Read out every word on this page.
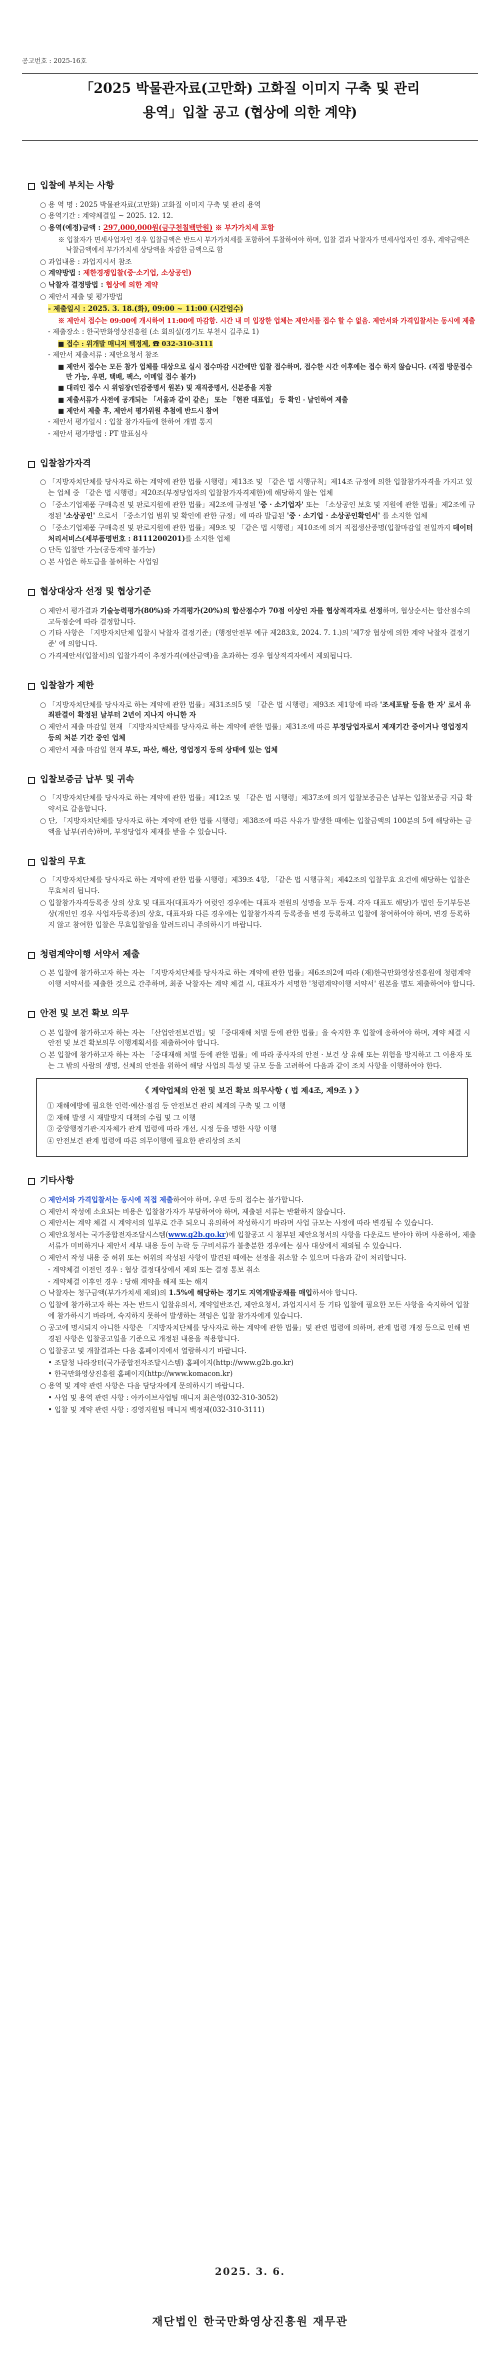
공고번호 : 2025-16호
「2025 박물관자료(고만화) 고화질 이미지 구축 및 관리
용역」입찰 공고 (협상에 의한 계약)
입찰에 부치는 사항
○ 용 역 명 : 2025 박물관자료(고만화) 고화질 이미지 구축 및 관리 용역
○ 용역기간 : 계약체결일 ~ 2025. 12. 12.
○ 용역(예정)금액 : 297,000,000원(금구천칠백만원) ※ 부가가치세 포함
※ 입찰자가 면세사업자인 경우 입찰금액은 반드시 부가가치세를 포함하여 투찰하여야 하며, 입찰 결과 낙찰자가 면세사업자인 경우, 계약금액은 낙찰금액에서 부가가치세 상당액을 차감한 금액으로 함
○ 과업내용 : 과업지시서 참조
○ 계약방법 : 제한경쟁입찰(중·소기업, 소상공인)
○ 낙찰자 결정방법 : 협상에 의한 계약
○ 제안서 제출 및 평가방법
- 제출일시 : 2025. 3. 18.(화), 09:00 ~ 11:00 (시간엄수)
※ 제안서 접수는 09:00에 개시하여 11:00에 마감함. 시간 내 미 입장한 업체는 제안서를 접수 할 수 없음. 제안서와 가격입찰서는 동시에 제출
- 제출장소 : 한국만화영상진흥원 (소 회의실(경기도 부천시 길주로 1)
■ 접수 : 위개발 매니저 백정제, ☎ 032-310-3111
- 제안서 제출서류 : 제안요청서 참조
■ 제안서 접수는 모든 참가 업체를 대상으로 실시 접수마감 시간에만 입찰 접수하며, 접수한 시간 이후에는 접수 하지 않습니다. (직접 방문접수만 가능, 우편, 택배, 팩스, 이메일 접수 불가)
■ 대리인 접수 시 위임장(인감증명서 원본) 및 재직증명서, 신분증을 지참
■ 제출서류가 사전에 공개되는 「서울과 같이 같은」 또는 「현관 대표업」 등 확인 · 날인하여 제출
■ 제안서 제출 후, 제안서 평가위원 추첨에 반드시 참여
- 제안서 평가일시 : 입찰 참가자들에 한하여 개별 통지
- 제안서 평가방법 : PT 발표심사
입찰참가자격
○ 「지방자치단체를 당사자로 하는 계약에 관한 법률 시행령」제13조 및 「같은 법 시행규칙」제14조 규정에 의한 입찰참가자격을 가지고 있는 업체 중 「같은 법 시행령」제20조(부정당업자의 입찰참가자격제한)에 해당하지 않는 업체
○ 「중소기업제품 구매촉진 및 판로지원에 관한 법률」제2조에 규정된 '중 · 소기업자' 또는 「소상공인 보호 및 지원에 관한 법률」제2조에 규정된 '소상공인' 으로서 「중소기업 범위 및 확인에 관한 규정」에 따라 발급된 '중 · 소기업 · 소상공인확인서' 를 소지한 업체
○ 「중소기업제품 구매촉진 및 판로지원에 관한 법률」제9조 및 「같은 법 시행령」제10조에 의거 직접생산증명(입찰마감일 전일까지 데이터처리서비스(세부품명번호 : 8111200201)를 소지한 업체
○ 단독 입찰만 가능(공동계약 불가능)
○ 본 사업은 하도급을 불허하는 사업임
협상대상자 선정 및 협상기준
○ 제안서 평가결과 기술능력평가(80%)와 가격평가(20%)의 합산점수가 70점 이상인 자를 협상적격자로 선정하며, 협상순서는 합산점수의 고득점순에 따라 결정합니다.
○ 기타 사항은 「지방자치단체 입찰시 낙찰자 결정기준」(행정안전부 예규 제283호, 2024. 7. 1.)의 '제7장 협상에 의한 계약 낙찰자 결정기준' 에 의합니다.
○ 가격제안서(입찰서)의 입찰가격이 추정가격(예산금액)을 초과하는 경우 협상적격자에서 제외됩니다.
입찰참가 제한
○ 「지방자치단체를 당사자로 하는 계약에 관한 법률」제31조의5 및 「같은 법 시행령」제93조 제1항에 따라 '조세포탈 등을 한 자' 로서 유죄판결이 확정된 날부터 2년이 지나지 아니한 자
○ 제안서 제출 마감일 현재 「지방자치단체를 당사자로 하는 계약에 관한 법률」제31조에 따른 부정당업자로서 제재기간 중이거나 영업정지 등의 처분 기간 중인 업체
○ 제안서 제출 마감일 현재 부도, 파산, 해산, 영업정지 등의 상태에 있는 업체
입찰보증금 납부 및 귀속
○ 「지방자치단체를 당사자로 하는 계약에 관한 법률」제12조 및 「같은 법 시행령」제37조에 의거 입찰보증금은 납부는 입찰보증금 지급 확약서로 갈음합니다.
○ 단, 「지방자치단체를 당사자로 하는 계약에 관한 법률 시행령」제38조에 따른 사유가 발생한 때에는 입찰금액의 100분의 5에 해당하는 금액을 납부(귀속)하며, 부정당업자 제재를 받을 수 있습니다.
입찰의 무효
○ 「지방자치단체를 당사자로 하는 계약에 관한 법률 시행령」제39조 4항, 「같은 법 시행규칙」제42조의 입찰무효 요건에 해당하는 입찰은 무효처리 됩니다.
○ 입찰참가자격등록증 상의 상호 및 대표자(대표자가 여럿인 경우에는 대표자 전원의 성명을 모두 등재. 각자 대표도 해당)가 법인 등기부등본 상(개인인 경우 사업자등록증)의 상호, 대표자와 다른 경우에는 입찰참가자격 등록증을 변경 등록하고 입찰에 참여하여야 하며, 변경 등록하지 않고 참여한 입찰은 무효입찰임을 알려드리니 주의하시기 바랍니다.
청렴계약이행 서약서 제출
○ 본 입찰에 참가하고자 하는 자는 「지방자치단체를 당사자로 하는 계약에 관한 법률」제6조의2에 따라 (재)한국만화영상진흥원에 청렴계약이행 서약서를 제출한 것으로 간주하며, 최종 낙찰자는 계약 체결 시, 대표자가 서명한 '청렴계약이행 서약서' 원본을 별도 제출하여야 합니다.
안전 및 보건 확보 의무
○ 본 입찰에 참가하고자 하는 자는 「산업안전보건법」및 「중대재해 처벌 등에 관한 법률」을 숙지한 후 입찰에 응하여야 하며, 계약 체결 시 안전 및 보건 확보의무 이행계획서를 제출하여야 합니다.
○ 본 입찰에 참가하고자 하는 자는 「중대재해 처벌 등에 관한 법률」에 따라 종사자의 안전 · 보건 상 유해 또는 위험을 방지하고 그 이용자 또는 그 밖의 사람의 생명, 신체의 안전을 위하여 해당 사업의 특성 및 규모 등을 고려하여 다음과 같이 조치 사항을 이행하여야 한다.
《 계약업체의 안전 및 보건 확보 의무사항 ( 법 제4조, 제9조 ) 》
① 재해예방에 필요한 인력·예산·점검 등 안전보건 관리 체계의 구축 및 그 이행
② 재해 발생 시 재발방지 대책의 수립 및 그 이행
③ 중앙행정기관·지자체가 관계 법령에 따라 개선, 시정 등을 명한 사항 이행
④ 안전보건 관계 법령에 따른 의무이행에 필요한 관리상의 조치
기타사항
○ 제안서와 가격입찰서는 동시에 직접 제출하여야 하며, 우편 등의 접수는 불가합니다.
○ 제안서 작성에 소요되는 비용은 입찰참가자가 부담하여야 하며, 제출된 서류는 반환하지 않습니다.
○ 제안서는 계약 체결 시 계약서의 일부로 간주 되오니 유의하여 작성하시기 바라며 사업 규모는 사정에 따라 변경될 수 있습니다.
○ 제안요청서는 국가종합전자조달시스템(www.g2b.go.kr)에 입찰공고 시 첨부된 제안요청서의 사항을 다운로드 받아야 하며 사용하여, 제출서류가 미비하거나 제안서 세부 내용 등이 누락 등 구비서류가 불충분한 경우에는 심사 대상에서 제외될 수 있습니다.
○ 제안서 작성 내용 중 허위 또는 허위의 작성된 사항이 발견된 때에는 선정을 취소할 수 있으며 다음과 같이 처리합니다.
- 계약체결 이전인 경우 : 협상 결정대상에서 제외 또는 결정 통보 취소
- 계약체결 이후인 경우 : 당해 계약을 해제 또는 해지
○ 낙찰자는 청구금액(부가가치세 제외)의 1.5%에 해당하는 경기도 지역개발공채를 매입하셔야 합니다.
○ 입찰에 참가하고자 하는 자는 반드시 입찰유의서, 계약일반조건, 제안요청서, 과업지시서 등 기타 입찰에 필요한 모든 사항을 숙지하여 입찰에 참가하시기 바라며, 숙지하지 못하여 발생하는 책임은 입찰 참가자에게 있습니다.
○ 공고에 명시되지 아니한 사항은 「지방자치단체를 당사자로 하는 계약에 관한 법률」및 관련 법령에 의하며, 관계 법령 개정 등으로 인해 변경된 사항은 입찰공고일을 기준으로 개정된 내용을 적용합니다.
○ 입찰공고 및 개찰결과는 다음 홈페이지에서 열람하시기 바랍니다.
• 조달청 나라장터(국가종합전자조달시스템) 홈페이지(http://www.g2b.go.kr)
• 한국만화영상진흥원 홈페이지(http://www.komacon.kr)
○ 용역 및 계약 관련 사항은 다음 담당자에게 문의하시기 바랍니다.
• 사업 및 용역 관련 사항 : 아카이브사업팀 매니저 최은영(032-310-3052)
• 입찰 및 계약 관련 사항 : 경영지원팀 매니저 백정제(032-310-3111)
2025. 3. 6.
재단법인 한국만화영상진흥원 재무관
